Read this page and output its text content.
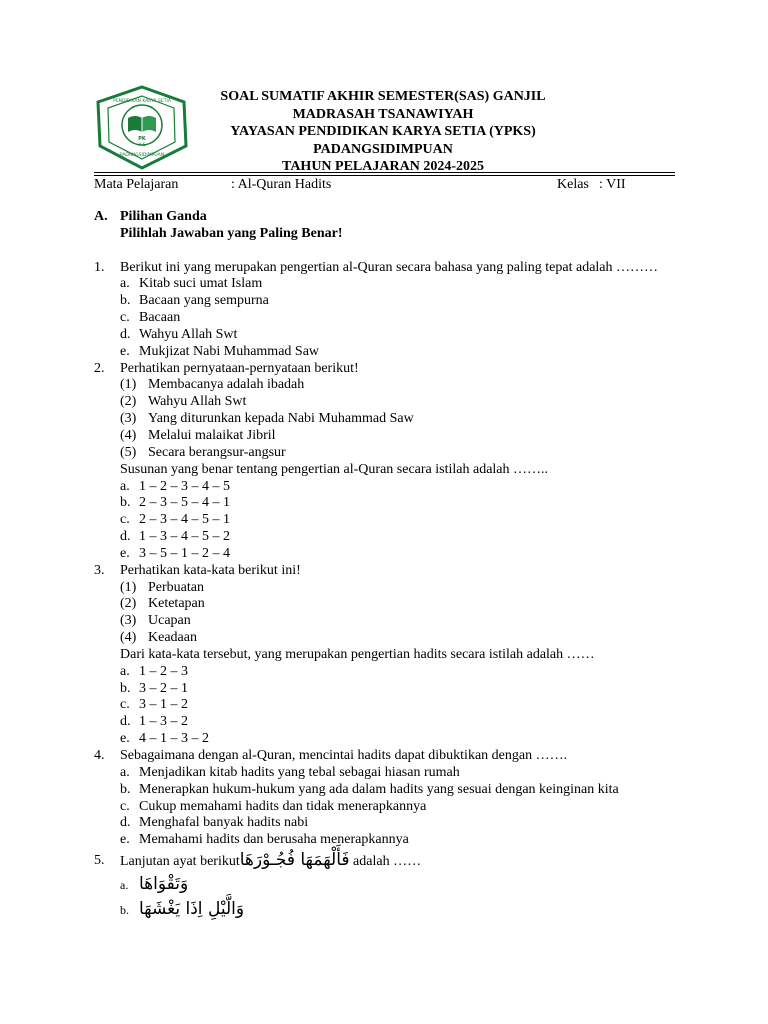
PK
Y S
PENDIDIKAN KARYA SETIA
PADANGSIDIMPUAN
SOAL SUMATIF AKHIR SEMESTER(SAS) GANJIL
MADRASAH TSANAWIYAH
YAYASAN PENDIDIKAN KARYA SETIA (YPKS)
PADANGSIDIMPUAN
TAHUN PELAJARAN 2024-2025
Mata Pelajaran	: Al-Quran Hadits	Kelas : VII
A. Pilihan Ganda
Pilihlah Jawaban yang Paling Benar!
1.	Berikut ini yang merupakan pengertian al-Quran secara bahasa yang paling tepat adalah ………
a. Kitab suci umat Islam
b. Bacaan yang sempurna
c. Bacaan
d. Wahyu Allah Swt
e. Mukjizat Nabi Muhammad Saw
2.	Perhatikan pernyataan-pernyataan berikut!
(1) Membacanya adalah ibadah
(2) Wahyu Allah Swt
(3) Yang diturunkan kepada Nabi Muhammad Saw
(4) Melalui malaikat Jibril
(5) Secara berangsur-angsur
Susunan yang benar tentang pengertian al-Quran secara istilah adalah ……..
a. 1 – 2 – 3 – 4 – 5
b. 2 – 3 – 5 – 4 – 1
c. 2 – 3 – 4 – 5 – 1
d. 1 – 3 – 4 – 5 – 2
e. 3 – 5 – 1 – 2 – 4
3.	Perhatikan kata-kata berikut ini!
(1) Perbuatan
(2) Ketetapan
(3) Ucapan
(4) Keadaan
Dari kata-kata tersebut, yang merupakan pengertian hadits secara istilah adalah ……
a. 1 – 2 – 3
b. 3 – 2 – 1
c. 3 – 1 – 2
d. 1 – 3 – 2
e. 4 – 1 – 3 – 2
4.	Sebagaimana dengan al-Quran, mencintai hadits dapat dibuktikan dengan …….
a. Menjadikan kitab hadits yang tebal sebagai hiasan rumah
b. Menerapkan hukum-hukum yang ada dalam hadits yang sesuai dengan keinginan kita
c. Cukup memahami hadits dan tidak menerapkannya
d. Menghafal banyak hadits nabi
e. Memahami hadits dan berusaha menerapkannya
5.	Lanjutan ayat berikut فَأَلْهَمَهَا فُجُـوْرَهَا adalah ……
a. وَتَقْوَاهَا
b. وَالَّيْلِ اِذَا يَغْشَهَا
